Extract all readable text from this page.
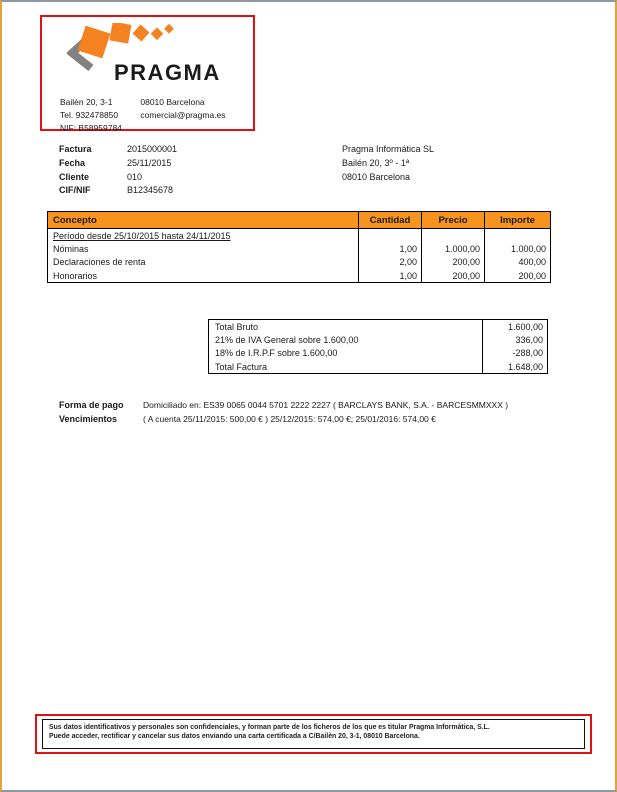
PRAGMA
Bailèn 20, 3-1	08010 Barcelona
Tel. 932478850	comercial@pragma.es
NIF: B58959784
Factura	2015000001
Fecha	25/11/2015
Cliente	010
CIF/NIF	B12345678
Pragma Informática SL
Bailén 20, 3º - 1ª
08010 Barcelona
Concepto	Cantidad	Precio	Importe
Período desde 25/10/2015 hasta 24/11/2015			
Nóminas	1,00	1.000,00	1.000,00
Declaraciones de renta	2,00	200,00	400,00
Honorarios	1,00	200,00	200,00
Total Bruto	1.600,00
21% de IVA General sobre 1.600,00	336,00
18% de I.R.P.F sobre 1.600,00	-288,00
Total Factura	1.648,00
Forma de pago	Domiciliado en: ES39 0065 0044 5701 2222 2227 ( BARCLAYS BANK, S.A. - BARCESMMXXX )
Vencimientos	( A cuenta 25/11/2015: 500,00 € ) 25/12/2015: 574,00 €; 25/01/2016: 574,00 €
Sus datos identificativos y personales son confidenciales, y forman parte de los ficheros de los que es titular Pragma Informática, S.L.
Puede acceder, rectificar y cancelar sus datos enviando una carta certificada a C/Bailèn 20, 3-1, 08010 Barcelona.
